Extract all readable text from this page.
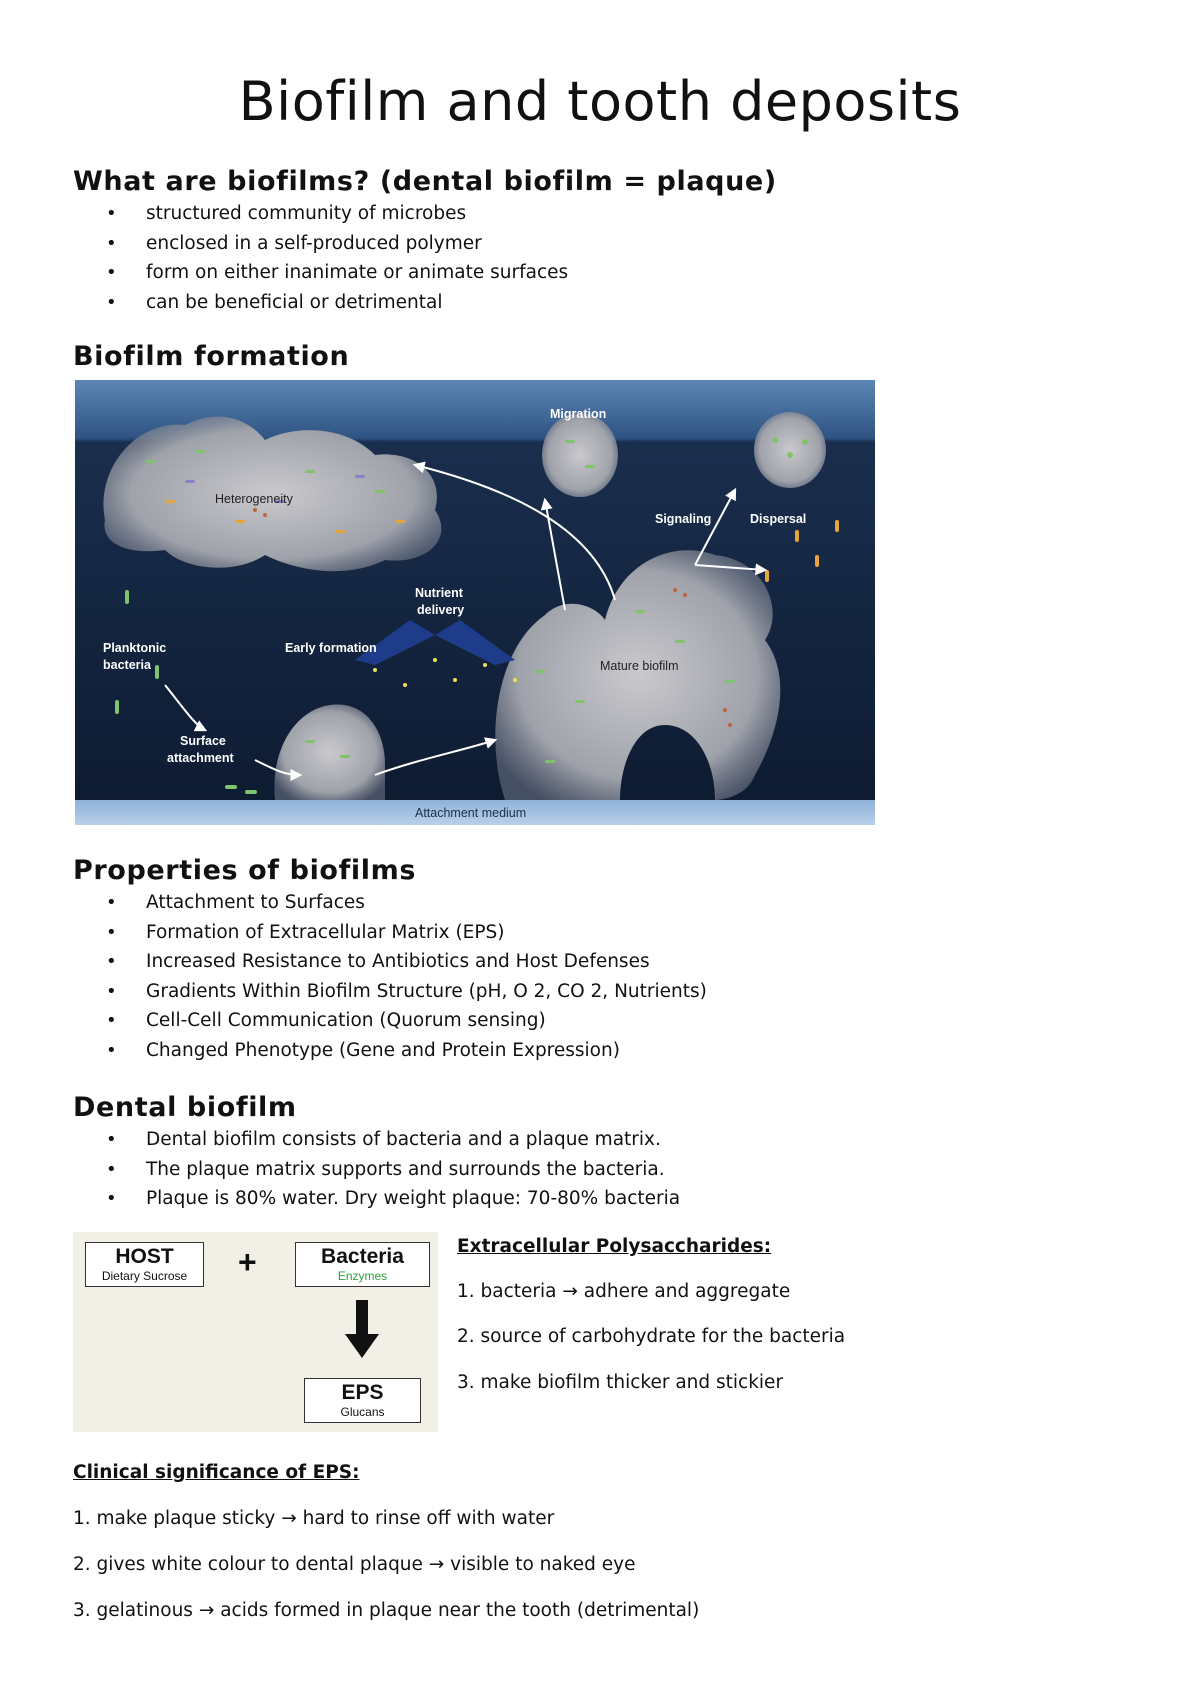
Biofilm and tooth deposits
What are biofilms? (dental biofilm = plaque)
• structured community of microbes
• enclosed in a self-produced polymer
• form on either inanimate or animate surfaces
• can be beneficial or detrimental
Biofilm formation
Migration
Heterogeneity
Signaling	Dispersal
Nutrient
delivery
Planktonic
bacteria
Early formation
Mature biofilm
Surface
attachment
Attachment medium
Properties of biofilms
• Attachment to Surfaces
• Formation of Extracellular Matrix (EPS)
• Increased Resistance to Antibiotics and Host Defenses
• Gradients Within Biofilm Structure (pH, O 2, CO 2, Nutrients)
• Cell-Cell Communication (Quorum sensing)
• Changed Phenotype (Gene and Protein Expression)
Dental biofilm
• Dental biofilm consists of bacteria and a plaque matrix.
• The plaque matrix supports and surrounds the bacteria.
• Plaque is 80% water. Dry weight plaque: 70-80% bacteria
HOST
Dietary Sucrose	+	Bacteria
Enzymes
EPS
Glucans

Extracellular Polysaccharides:

1. bacteria → adhere and aggregate

2. source of carbohydrate for the bacteria

3. make biofilm thicker and stickier

Clinical significance of EPS:

1. make plaque sticky → hard to rinse off with water

2. gives white colour to dental plaque → visible to naked eye

3. gelatinous → acids formed in plaque near the tooth (detrimental)
